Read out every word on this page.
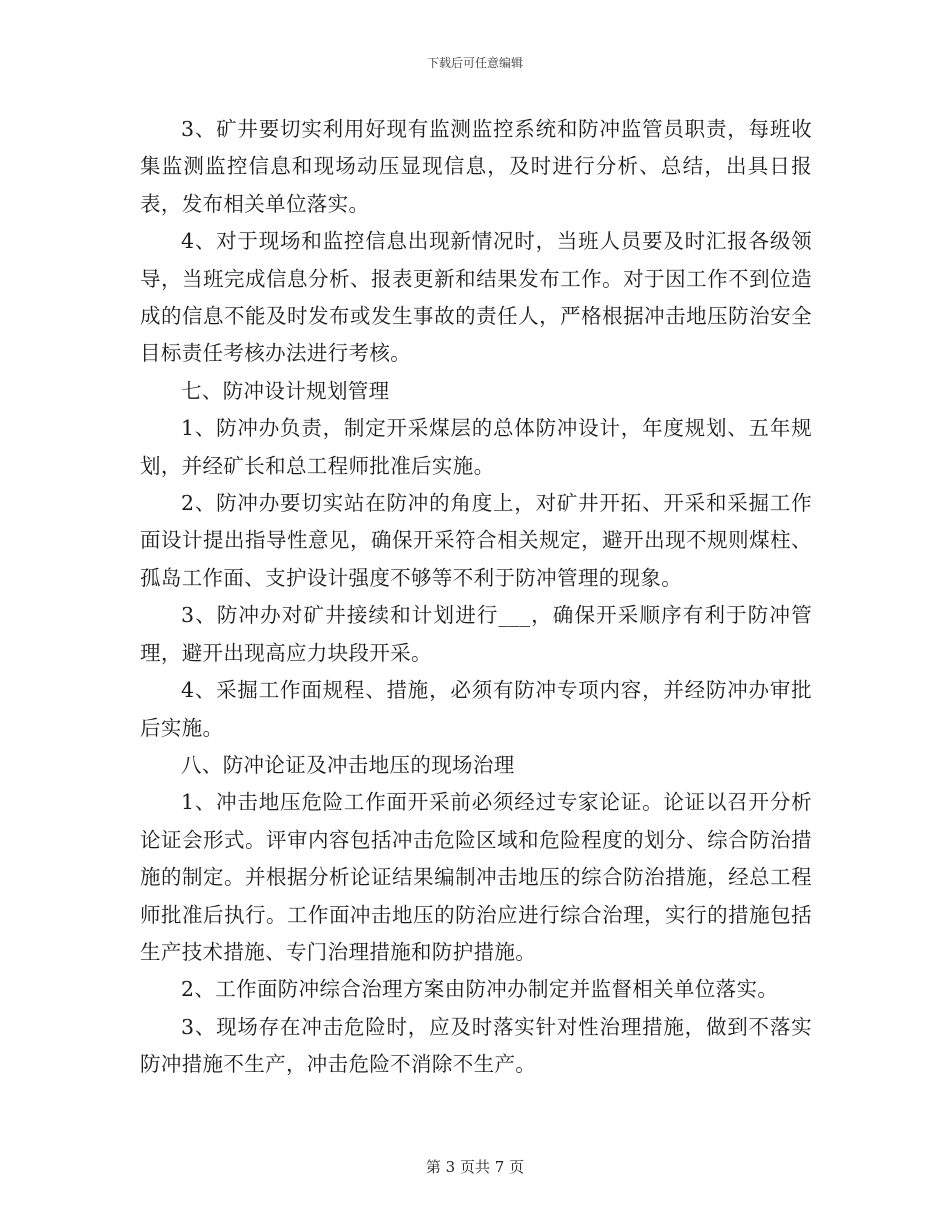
下载后可任意编辑

3、矿井要切实利用好现有监测监控系统和防冲监管员职责，每班收集监测监控信息和现场动压显现信息，及时进行分析、总结，出具日报表，发布相关单位落实。

4、对于现场和监控信息出现新情况时，当班人员要及时汇报各级领导，当班完成信息分析、报表更新和结果发布工作。对于因工作不到位造成的信息不能及时发布或发生事故的责任人，严格根据冲击地压防治安全目标责任考核办法进行考核。

七、防冲设计规划管理

1、防冲办负责，制定开采煤层的总体防冲设计，年度规划、五年规划，并经矿长和总工程师批准后实施。

2、防冲办要切实站在防冲的角度上，对矿井开拓、开采和采掘工作面设计提出指导性意见，确保开采符合相关规定，避开出现不规则煤柱、孤岛工作面、支护设计强度不够等不利于防冲管理的现象。

3、防冲办对矿井接续和计划进行___，确保开采顺序有利于防冲管理，避开出现高应力块段开采。

4、采掘工作面规程、措施，必须有防冲专项内容，并经防冲办审批后实施。

八、防冲论证及冲击地压的现场治理

1、冲击地压危险工作面开采前必须经过专家论证。论证以召开分析论证会形式。评审内容包括冲击危险区域和危险程度的划分、综合防治措施的制定。并根据分析论证结果编制冲击地压的综合防治措施，经总工程师批准后执行。工作面冲击地压的防治应进行综合治理，实行的措施包括生产技术措施、专门治理措施和防护措施。

2、工作面防冲综合治理方案由防冲办制定并监督相关单位落实。

3、现场存在冲击危险时，应及时落实针对性治理措施，做到不落实防冲措施不生产，冲击危险不消除不生产。

第 3 页共 7 页
